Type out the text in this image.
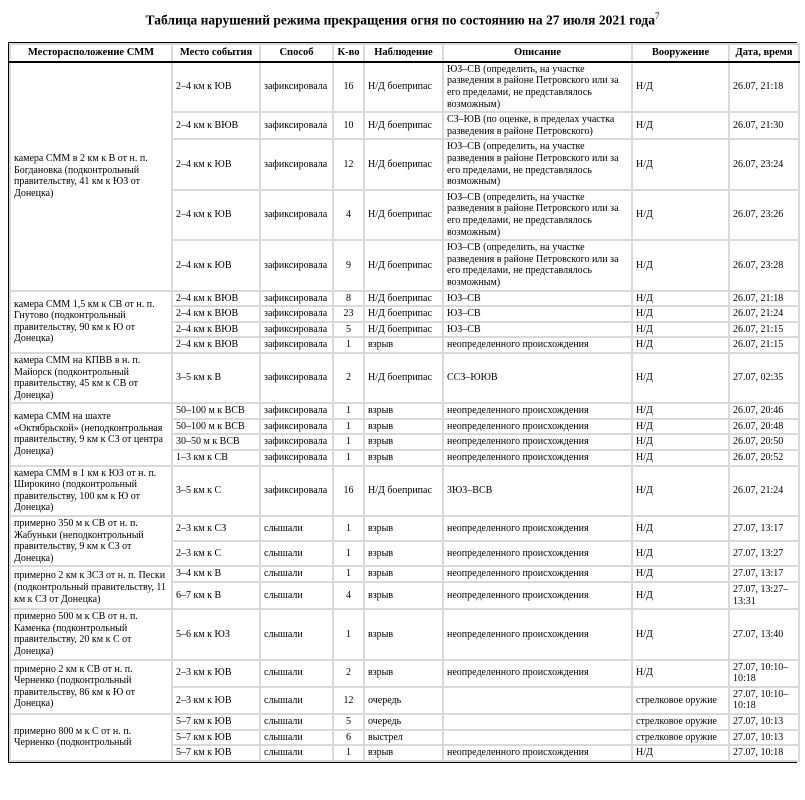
Таблица нарушений режима прекращения огня по состоянию на 27 июля 2021 года$^7$
Месторасположение СММ	Место события	Способ	К-во	Наблюдение	Описание	Вооружение	Дата, время
камера СММ в 2 км к В от н. п. Богдановка (подконтрольный правительству, 41 км к ЮЗ от Донецка)	2–4 км к ЮВ	зафиксировала	16	Н/Д боеприпас	ЮЗ–СВ (определить, на участке разведения в районе Петровского или за его пределами, не представлялось возможным)	Н/Д	26.07, 21:18
	2–4 км к ВЮВ	зафиксировала	10	Н/Д боеприпас	СЗ–ЮВ (по оценке, в пределах участка разведения в районе Петровского)	Н/Д	26.07, 21:30
	2–4 км к ЮВ	зафиксировала	12	Н/Д боеприпас	ЮЗ–СВ (определить, на участке разведения в районе Петровского или за его пределами, не представлялось возможным)	Н/Д	26.07, 23:24
	2–4 км к ЮВ	зафиксировала	4	Н/Д боеприпас	ЮЗ–СВ (определить, на участке разведения в районе Петровского или за его пределами, не представлялось возможным)	Н/Д	26.07, 23:26
	2–4 км к ЮВ	зафиксировала	9	Н/Д боеприпас	ЮЗ–СВ (определить, на участке разведения в районе Петровского или за его пределами, не представлялось возможным)	Н/Д	26.07, 23:28
камера СММ 1,5 км к СВ от н. п. Гнутово (подконтрольный правительству, 90 км к Ю от Донецка)	2–4 км к ВЮВ	зафиксировала	8	Н/Д боеприпас	ЮЗ–СВ	Н/Д	26.07, 21:18
	2–4 км к ВЮВ	зафиксировала	23	Н/Д боеприпас	ЮЗ–СВ	Н/Д	26.07, 21:24
	2–4 км к ВЮВ	зафиксировала	5	Н/Д боеприпас	ЮЗ–СВ	Н/Д	26.07, 21:15
	2–4 км к ВЮВ	зафиксировала	1	взрыв	неопределенного происхождения	Н/Д	26.07, 21:15
камера СММ на КПВВ в н. п. Майорск (подконтрольный правительству, 45 км к СВ от Донецка)	3–5 км к В	зафиксировала	2	Н/Д боеприпас	ССЗ–ЮЮВ	Н/Д	27.07, 02:35
камера СММ на шахте «Октябрьской» (неподконтрольная правительству, 9 км к СЗ от центра Донецка)	50–100 м к ВСВ	зафиксировала	1	взрыв	неопределенного происхождения	Н/Д	26.07, 20:46
	50–100 м к ВСВ	зафиксировала	1	взрыв	неопределенного происхождения	Н/Д	26.07, 20:48
	30–50 м к ВСВ	зафиксировала	1	взрыв	неопределенного происхождения	Н/Д	26.07, 20:50
	1–3 км к СВ	зафиксировала	1	взрыв	неопределенного происхождения	Н/Д	26.07, 20:52
камера СММ в 1 км к ЮЗ от н. п. Широкино (подконтрольный правительству, 100 км к Ю от Донецка)	3–5 км к С	зафиксировала	16	Н/Д боеприпас	ЗЮЗ–ВСВ	Н/Д	26.07, 21:24
примерно 350 м к СВ от н. п. Жабуньки (неподконтрольный правительству, 9 км к СЗ от Донецка)	2–3 км к СЗ	слышали	1	взрыв	неопределенного происхождения	Н/Д	27.07, 13:17
	2–3 км к С	слышали	1	взрыв	неопределенного происхождения	Н/Д	27.07, 13:27
примерно 2 км к ЗСЗ от н. п. Пески (подконтрольный правительству, 11 км к СЗ от Донецка)	3–4 км к В	слышали	1	взрыв	неопределенного происхождения	Н/Д	27.07, 13:17
	6–7 км к В	слышали	4	взрыв	неопределенного происхождения	Н/Д	27.07, 13:27–13:31
примерно 500 м к СВ от н. п. Каменка (подконтрольный правительству, 20 км к С от Донецка)	5–6 км к ЮЗ	слышали	1	взрыв	неопределенного происхождения	Н/Д	27.07, 13:40
примерно 2 км к СВ от н. п. Черненко (подконтрольный правительству, 86 км к Ю от Донецка)	2–3 км к ЮВ	слышали	2	взрыв	неопределенного происхождения	Н/Д	27.07, 10:10–10:18
	2–3 км к ЮВ	слышали	12	очередь		стрелковое оружие	27.07, 10:10–10:18
примерно 800 м к С от н. п. Черненко (подконтрольный	5–7 км к ЮВ	слышали	5	очередь		стрелковое оружие	27.07, 10:13
	5–7 км к ЮВ	слышали	6	выстрел		стрелковое оружие	27.07, 10:13
	5–7 км к ЮВ	слышали	1	взрыв	неопределенного происхождения	Н/Д	27.07, 10:18
